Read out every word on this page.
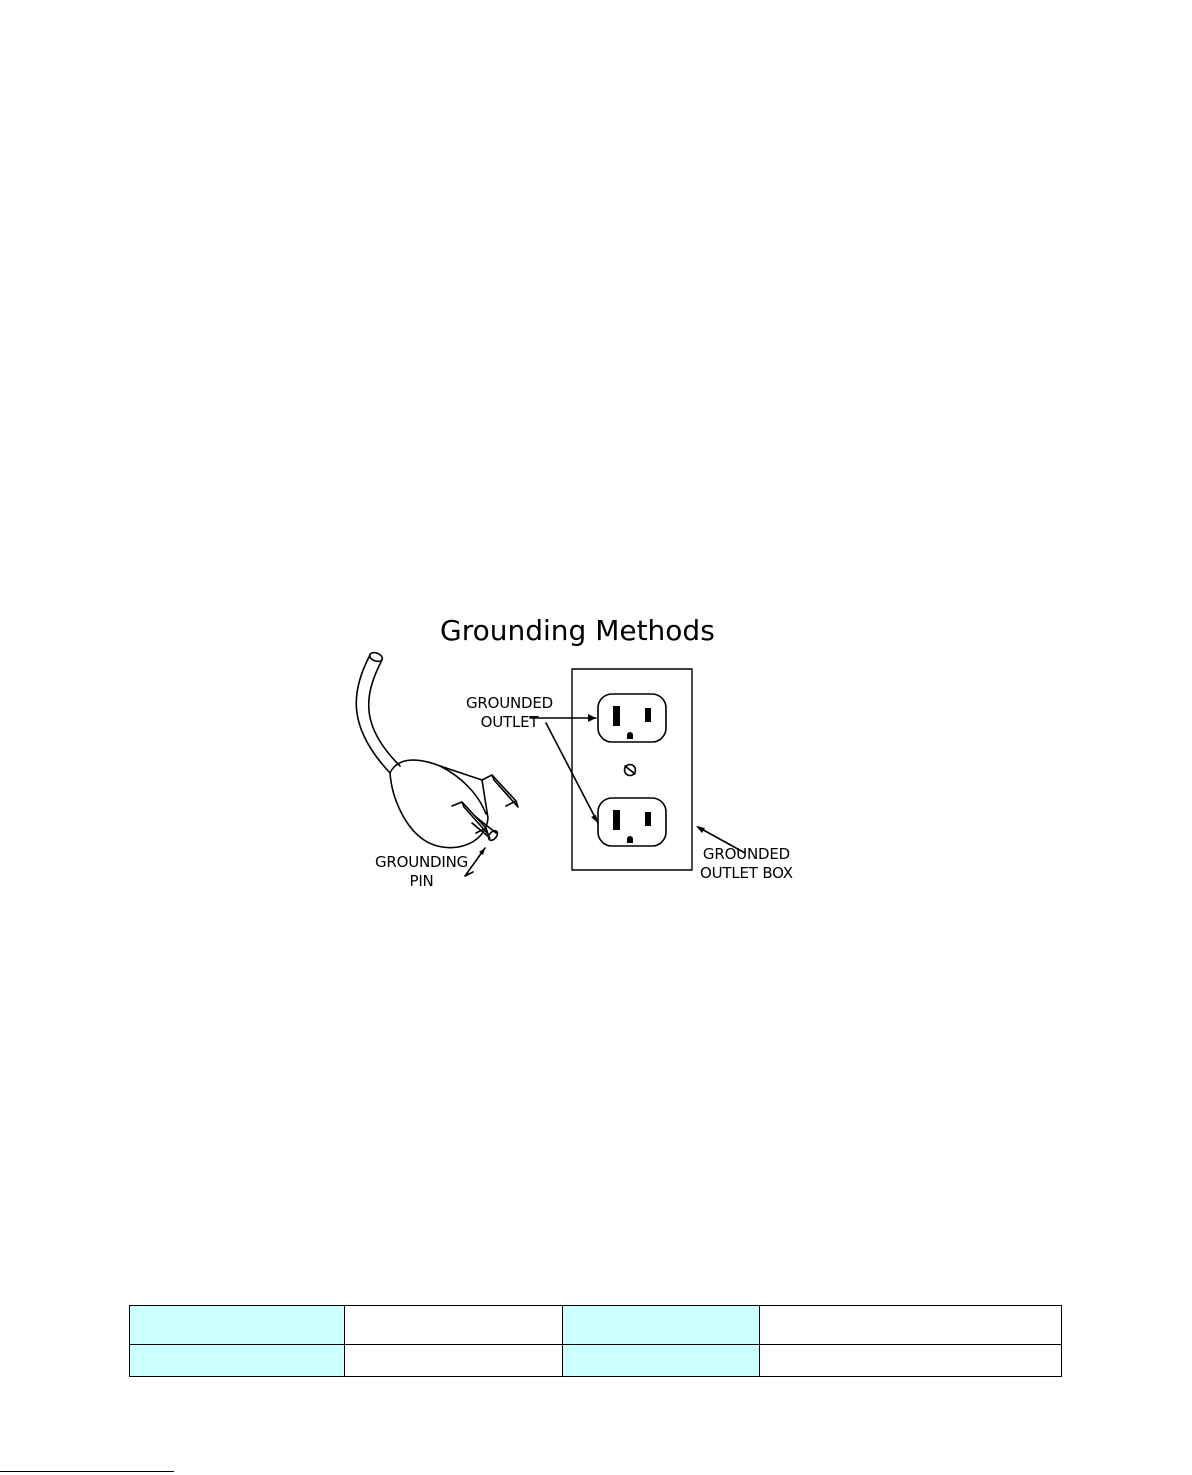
Grounding Methods
GROUNDED
OUTLET
GROUNDING
PIN
GROUNDED
OUTLET BOX
